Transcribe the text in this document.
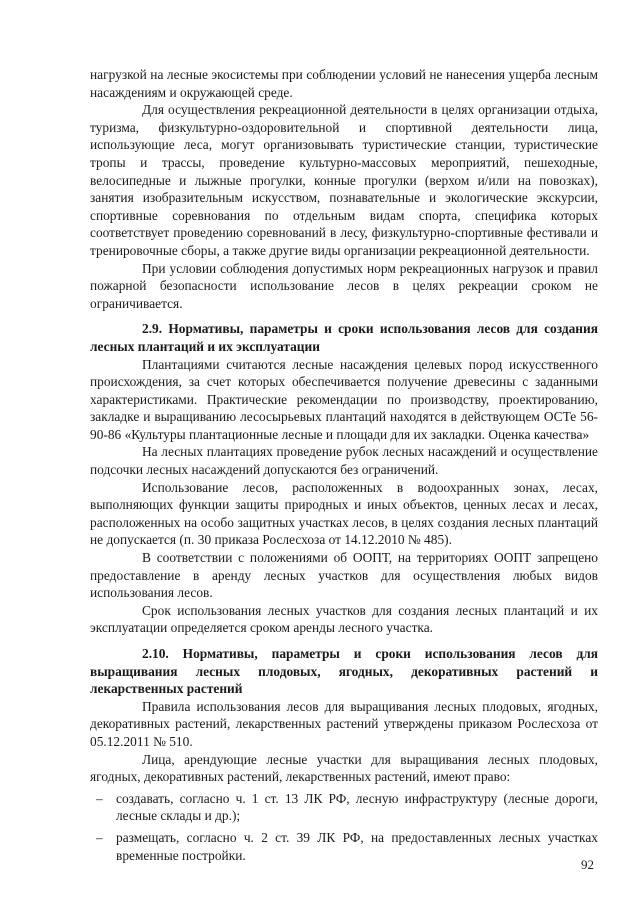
нагрузкой на лесные экосистемы при соблюдении условий не нанесения ущерба лесным насаждениям и окружающей среде.

Для осуществления рекреационной деятельности в целях организации отдыха, туризма, физкультурно-оздоровительной и спортивной деятельности лица, использующие леса, могут организовывать туристические станции, туристические тропы и трассы, проведение культурно-массовых мероприятий, пешеходные, велосипедные и лыжные прогулки, конные прогулки (верхом и/или на повозках), занятия изобразительным искусством, познавательные и экологические экскурсии, спортивные соревнования по отдельным видам спорта, специфика которых соответствует проведению соревнований в лесу, физкультурно-спортивные фестивали и тренировочные сборы, а также другие виды организации рекреационной деятельности.

При условии соблюдения допустимых норм рекреационных нагрузок и правил пожарной безопасности использование лесов в целях рекреации сроком не ограничивается.

2.9. Нормативы, параметры и сроки использования лесов для создания лесных плантаций и их эксплуатации

Плантациями считаются лесные насаждения целевых пород искусственного происхождения, за счет которых обеспечивается получение древесины с заданными характеристиками. Практические рекомендации по производству, проектированию, закладке и выращиванию лесосырьевых плантаций находятся в действующем ОСТе 56-90-86 «Культуры плантационные лесные и площади для их закладки. Оценка качества»

На лесных плантациях проведение рубок лесных насаждений и осуществление подсочки лесных насаждений допускаются без ограничений.

Использование лесов, расположенных в водоохранных зонах, лесах, выполняющих функции защиты природных и иных объектов, ценных лесах и лесах, расположенных на особо защитных участках лесов, в целях создания лесных плантаций не допускается (п. 30 приказа Рослесхоза от 14.12.2010 № 485).

В соответствии с положениями об ООПТ, на территориях ООПТ запрещено предоставление в аренду лесных участков для осуществления любых видов использования лесов.

Срок использования лесных участков для создания лесных плантаций и их эксплуатации определяется сроком аренды лесного участка.

2.10. Нормативы, параметры и сроки использования лесов для выращивания лесных плодовых, ягодных, декоративных растений и лекарственных растений

Правила использования лесов для выращивания лесных плодовых, ягодных, декоративных растений, лекарственных растений утверждены приказом Рослесхоза от 05.12.2011 № 510.

Лица, арендующие лесные участки для выращивания лесных плодовых, ягодных, декоративных растений, лекарственных растений, имеют право:

– создавать, согласно ч. 1 ст. 13 ЛК РФ, лесную инфраструктуру (лесные дороги, лесные склады и др.);
– размещать, согласно ч. 2 ст. 39 ЛК РФ, на предоставленных лесных участках временные постройки.
92
